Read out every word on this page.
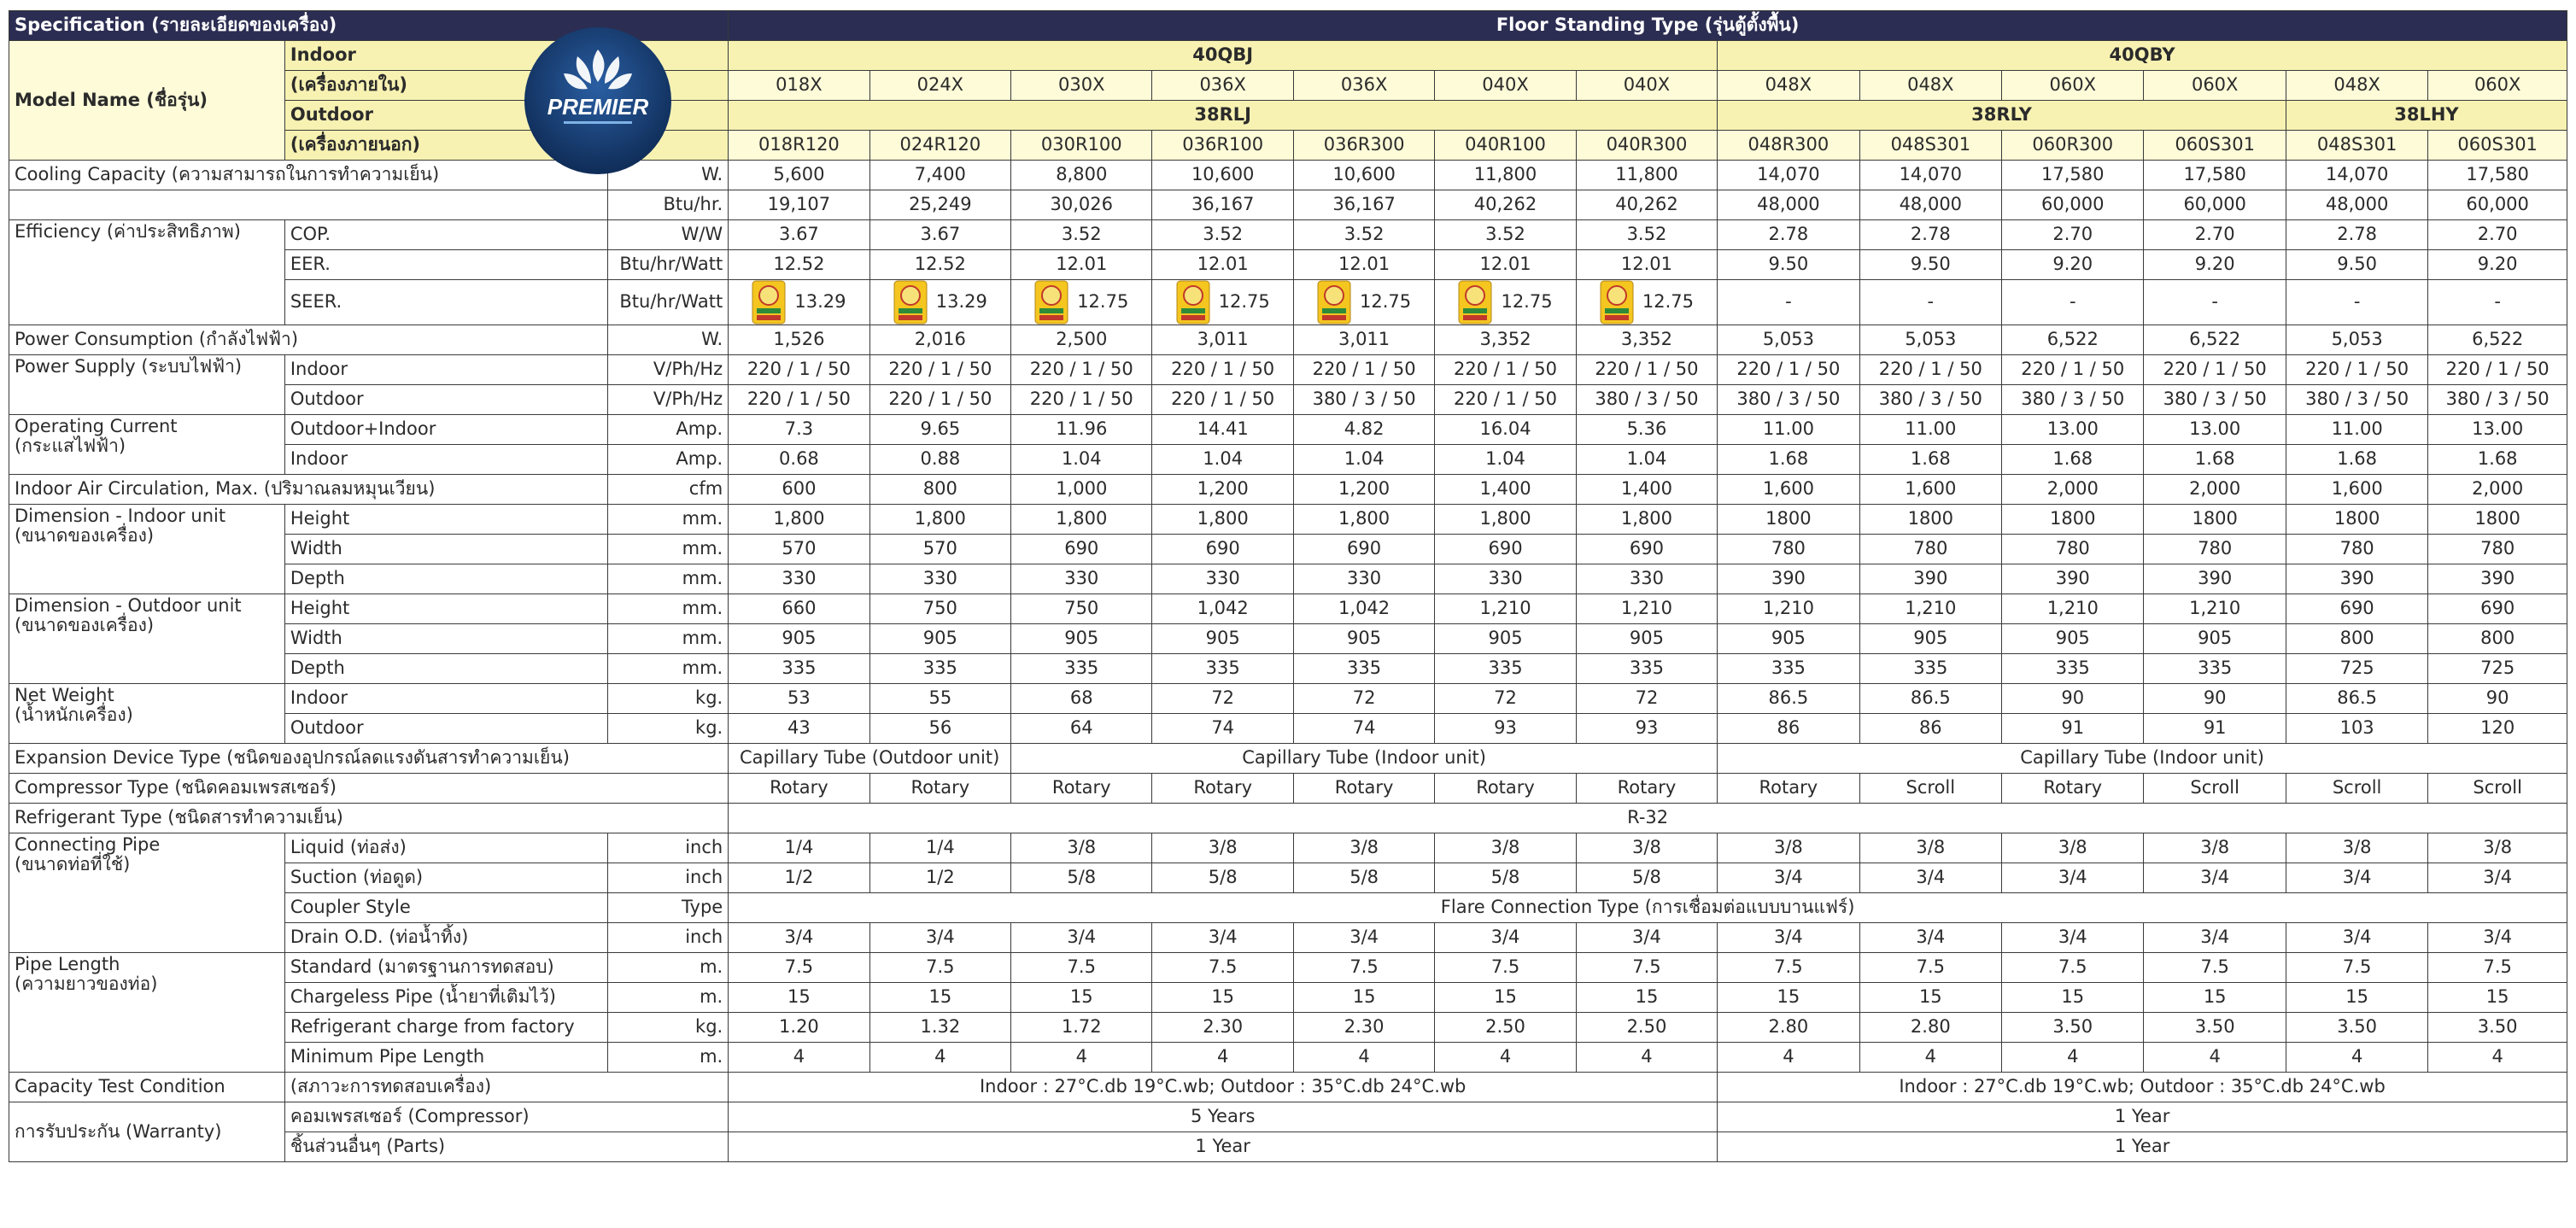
Specification (รายละเอียดของเครื่อง)			Floor Standing Type (รุ่นตู้ตั้งพื้น)												
Model Name (ชื่อรุ่น)	Indoor		40QBJ							40QBY					
	(เครื่องภายใน)		018X	024X	030X	036X	036X	040X	040X	048X	048X	060X	060X	048X	060X
	Outdoor		38RLJ							38RLY				38LHY	
	(เครื่องภายนอก)		018R120	024R120	030R100	036R100	036R300	040R100	040R300	048R300	048S301	060R300	060S301	048S301	060S301
Cooling Capacity (ความสามารถในการทำความเย็น)		W.	5,600	7,400	8,800	10,600	10,600	11,800	11,800	14,070	14,070	17,580	17,580	14,070	17,580
		Btu/hr.	19,107	25,249	30,026	36,167	36,167	40,262	40,262	48,000	48,000	60,000	60,000	48,000	60,000
Efficiency (ค่าประสิทธิภาพ)	COP.	W/W	3.67	3.67	3.52	3.52	3.52	3.52	3.52	2.78	2.78	2.70	2.70	2.78	2.70
	EER.	Btu/hr/Watt	12.52	12.52	12.01	12.01	12.01	12.01	12.01	9.50	9.50	9.20	9.20	9.50	9.20
	SEER.	Btu/hr/Watt	13.29	13.29	12.75	12.75	12.75	12.75	12.75	-	-	-	-	-	-
Power Consumption (กำลังไฟฟ้า)		W.	1,526	2,016	2,500	3,011	3,011	3,352	3,352	5,053	5,053	6,522	6,522	5,053	6,522
Power Supply (ระบบไฟฟ้า)	Indoor	V/Ph/Hz	220 / 1 / 50	220 / 1 / 50	220 / 1 / 50	220 / 1 / 50	220 / 1 / 50	220 / 1 / 50	220 / 1 / 50	220 / 1 / 50	220 / 1 / 50	220 / 1 / 50	220 / 1 / 50	220 / 1 / 50	220 / 1 / 50
	Outdoor	V/Ph/Hz	220 / 1 / 50	220 / 1 / 50	220 / 1 / 50	220 / 1 / 50	380 / 3 / 50	220 / 1 / 50	380 / 3 / 50	380 / 3 / 50	380 / 3 / 50	380 / 3 / 50	380 / 3 / 50	380 / 3 / 50	380 / 3 / 50

Operating Current
(กระแสไฟฟ้า)	Outdoor+Indoor	Amp.	7.3	9.65	11.96	14.41	4.82	16.04	5.36	11.00	11.00	13.00	13.00	11.00	13.00
	Indoor	Amp.	0.68	0.88	1.04	1.04	1.04	1.04	1.04	1.68	1.68	1.68	1.68	1.68	1.68
Indoor Air Circulation, Max. (ปริมาณลมหมุนเวียน)		cfm	600	800	1,000	1,200	1,200	1,400	1,400	1,600	1,600	2,000	2,000	1,600	2,000

Dimension - Indoor unit
(ขนาดของเครื่อง)	Height	mm.	1,800	1,800	1,800	1,800	1,800	1,800	1,800	1800	1800	1800	1800	1800	1800
	Width	mm.	570	570	690	690	690	690	690	780	780	780	780	780	780
	Depth	mm.	330	330	330	330	330	330	330	390	390	390	390	390	390

Dimension - Outdoor unit
(ขนาดของเครื่อง)	Height	mm.	660	750	750	1,042	1,042	1,210	1,210	1,210	1,210	1,210	1,210	690	690
	Width	mm.	905	905	905	905	905	905	905	905	905	905	905	800	800
	Depth	mm.	335	335	335	335	335	335	335	335	335	335	335	725	725

Net Weight
(น้ำหนักเครื่อง)	Indoor	kg.	53	55	68	72	72	72	72	86.5	86.5	90	90	86.5	90
	Outdoor	kg.	43	56	64	74	74	93	93	86	86	91	91	103	120
Expansion Device Type (ชนิดของอุปกรณ์ลดแรงดันสารทำความเย็น)			Capillary Tube (Outdoor unit)		Capillary Tube (Indoor unit)					Capillary Tube (Indoor unit)					
Compressor Type (ชนิดคอมเพรสเซอร์)			Rotary	Rotary	Rotary	Rotary	Rotary	Rotary	Rotary	Rotary	Scroll	Rotary	Scroll	Scroll	Scroll
Refrigerant Type (ชนิดสารทำความเย็น)			R-32												

Connecting Pipe
(ขนาดท่อที่ใช้)	Liquid (ท่อส่ง)	inch	1/4	1/4	3/8	3/8	3/8	3/8	3/8	3/8	3/8	3/8	3/8	3/8	3/8
	Suction (ท่อดูด)	inch	1/2	1/2	5/8	5/8	5/8	5/8	5/8	3/4	3/4	3/4	3/4	3/4	3/4
	Coupler Style	Type	Flare Connection Type (การเชื่อมต่อแบบบานแฟร์)												
	Drain O.D. (ท่อน้ำทิ้ง)	inch	3/4	3/4	3/4	3/4	3/4	3/4	3/4	3/4	3/4	3/4	3/4	3/4	3/4

Pipe Length
(ความยาวของท่อ)	Standard (มาตรฐานการทดสอบ)	m.	7.5	7.5	7.5	7.5	7.5	7.5	7.5	7.5	7.5	7.5	7.5	7.5	7.5
	Chargeless Pipe (น้ำยาที่เติมไว้)	m.	15	15	15	15	15	15	15	15	15	15	15	15	15
	Refrigerant charge from factory	kg.	1.20	1.32	1.72	2.30	2.30	2.50	2.50	2.80	2.80	3.50	3.50	3.50	3.50
	Minimum Pipe Length	m.	4	4	4	4	4	4	4	4	4	4	4	4	4
Capacity Test Condition	(สภาวะการทดสอบเครื่อง)		Indoor : 27°C.db 19°C.wb; Outdoor : 35°C.db 24°C.wb							Indoor : 27°C.db 19°C.wb; Outdoor : 35°C.db 24°C.wb					
การรับประกัน (Warranty)	คอมเพรสเซอร์ (Compressor)		5 Years							1 Year					
	ชิ้นส่วนอื่นๆ (Parts)		1 Year							1 Year					
PREMIER
